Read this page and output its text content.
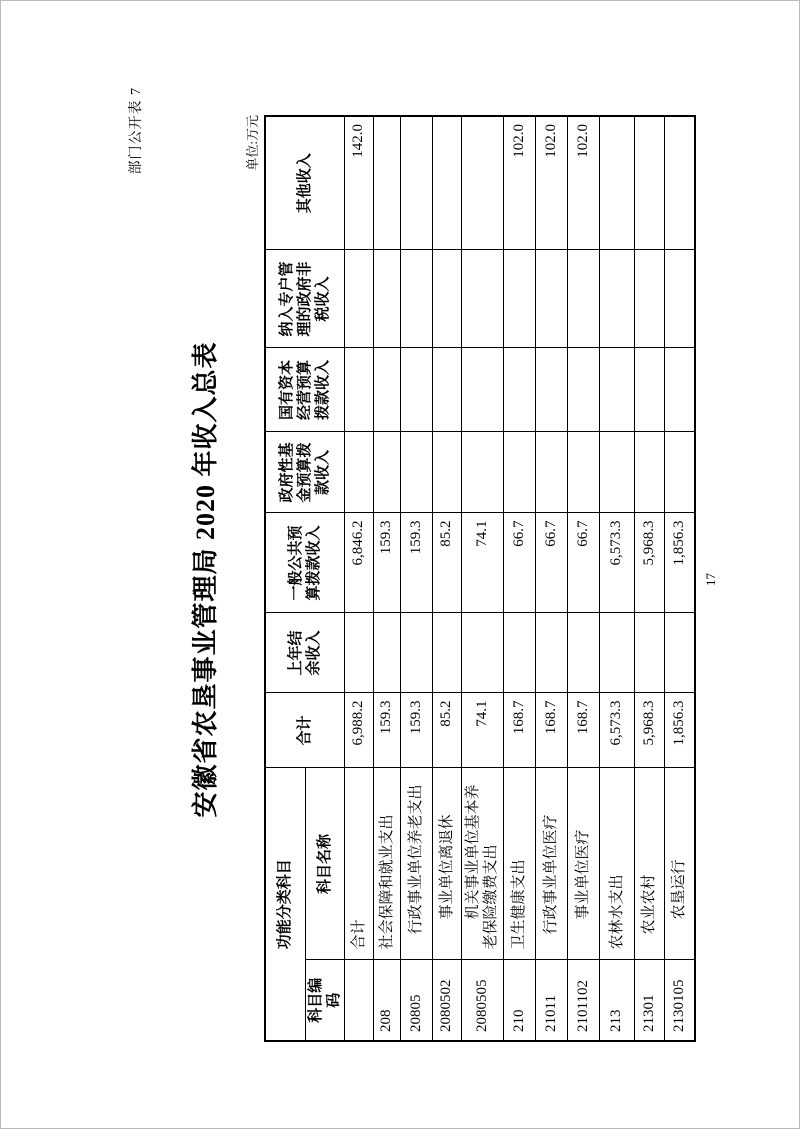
部门公开表 7
安徽省农垦事业管理局 2020 年收入总表
单位:万元
功能分类科目		合计	上年结余收入	一般公共预算拨款收入	政府性基金预算拨款收入	国有资本经营预算拨款收入	纳入专户管理的政府非税收入	其他收入
科目编码	科目名称							
	合计	6,988.2		6,846.2				142.0
208	社会保障和就业支出	159.3		159.3				
20805	　行政事业单位养老支出	159.3		159.3				
2080502	　　事业单位离退休	85.2		85.2				
2080505	　　机关事业单位基本养老保险缴费支出	74.1		74.1				
210	卫生健康支出	168.7		66.7				102.0
21011	　行政事业单位医疗	168.7		66.7				102.0
2101102	　　事业单位医疗	168.7		66.7				102.0
213	农林水支出	6,573.3		6,573.3				
21301	　农业农村	5,968.3		5,968.3				
2130105	　　农垦运行	1,856.3		1,856.3				
17
